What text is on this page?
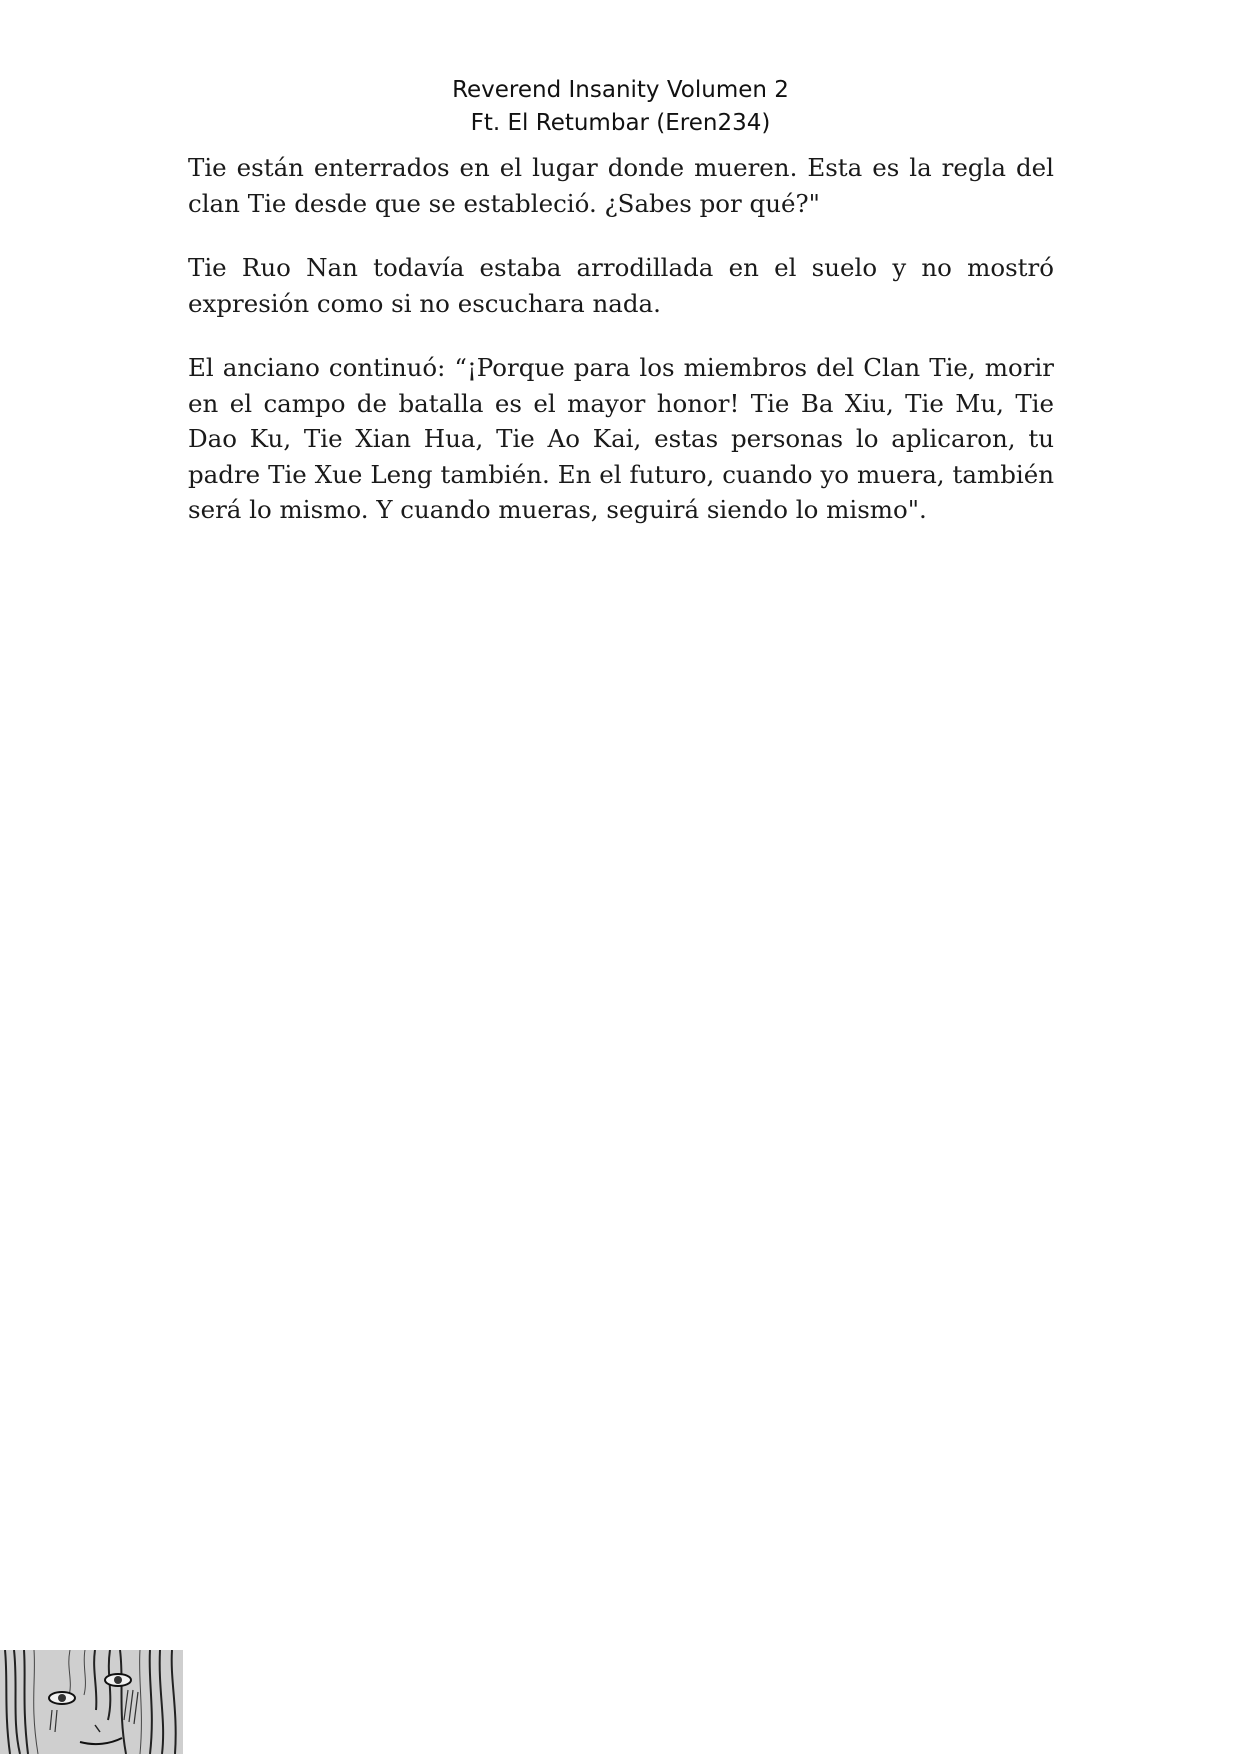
Reverend Insanity Volumen 2
Ft. El Retumbar (Eren234)

Tie están enterrados en el lugar donde mueren. Esta es la regla del clan Tie desde que se estableció. ¿Sabes por qué?"

Tie Ruo Nan todavía estaba arrodillada en el suelo y no mostró expresión como si no escuchara nada.

El anciano continuó: “¡Porque para los miembros del Clan Tie, morir en el campo de batalla es el mayor honor! Tie Ba Xiu, Tie Mu, Tie Dao Ku, Tie Xian Hua, Tie Ao Kai, estas personas lo aplicaron, tu padre Tie Xue Leng también. En el futuro, cuando yo muera, también será lo mismo. Y cuando mueras, seguirá siendo lo mismo".
